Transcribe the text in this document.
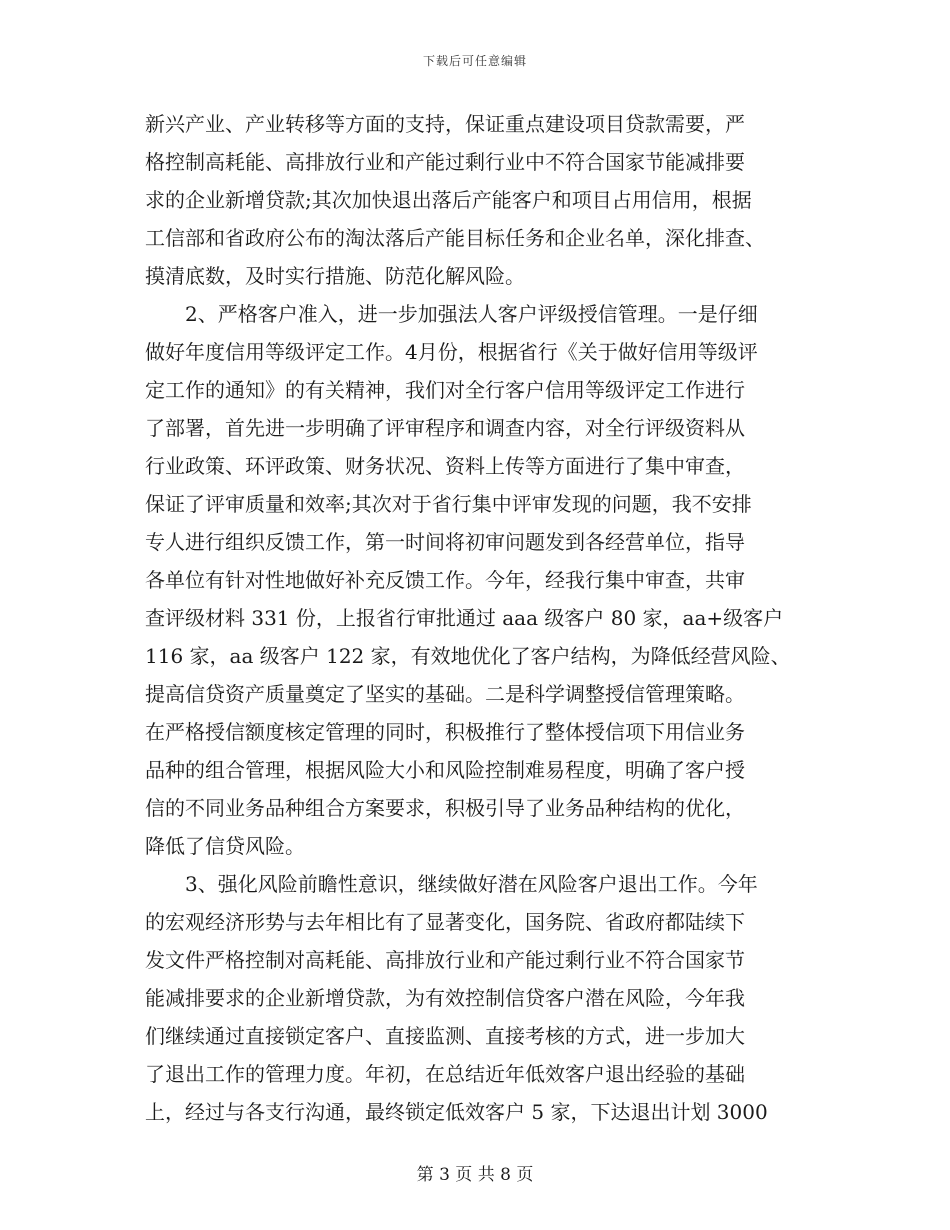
下载后可任意编辑
新兴产业、产业转移等方面的支持，保证重点建设项目贷款需要，严
格控制高耗能、高排放行业和产能过剩行业中不符合国家节能减排要
求的企业新增贷款;其次加快退出落后产能客户和项目占用信用，根据
工信部和省政府公布的淘汰落后产能目标任务和企业名单，深化排查、
摸清底数，及时实行措施、防范化解风险。
　　2、严格客户准入，进一步加强法人客户评级授信管理。一是仔细
做好年度信用等级评定工作。4月份，根据省行《关于做好信用等级评
定工作的通知》的有关精神，我们对全行客户信用等级评定工作进行
了部署，首先进一步明确了评审程序和调查内容，对全行评级资料从
行业政策、环评政策、财务状况、资料上传等方面进行了集中审查，
保证了评审质量和效率;其次对于省行集中评审发现的问题，我不安排
专人进行组织反馈工作，第一时间将初审问题发到各经营单位，指导
各单位有针对性地做好补充反馈工作。今年，经我行集中审查，共审
查评级材料 331 份，上报省行审批通过 aaa 级客户 80 家，aa+级客户
116 家，aa 级客户 122 家，有效地优化了客户结构，为降低经营风险、
提高信贷资产质量奠定了坚实的基础。二是科学调整授信管理策略。
在严格授信额度核定管理的同时，积极推行了整体授信项下用信业务
品种的组合管理，根据风险大小和风险控制难易程度，明确了客户授
信的不同业务品种组合方案要求，积极引导了业务品种结构的优化，
降低了信贷风险。
　　3、强化风险前瞻性意识，继续做好潜在风险客户退出工作。今年
的宏观经济形势与去年相比有了显著变化，国务院、省政府都陆续下
发文件严格控制对高耗能、高排放行业和产能过剩行业不符合国家节
能减排要求的企业新增贷款，为有效控制信贷客户潜在风险，今年我
们继续通过直接锁定客户、直接监测、直接考核的方式，进一步加大
了退出工作的管理力度。年初，在总结近年低效客户退出经验的基础
上，经过与各支行沟通，最终锁定低效客户 5 家，下达退出计划 3000
第 3 页 共 8 页
